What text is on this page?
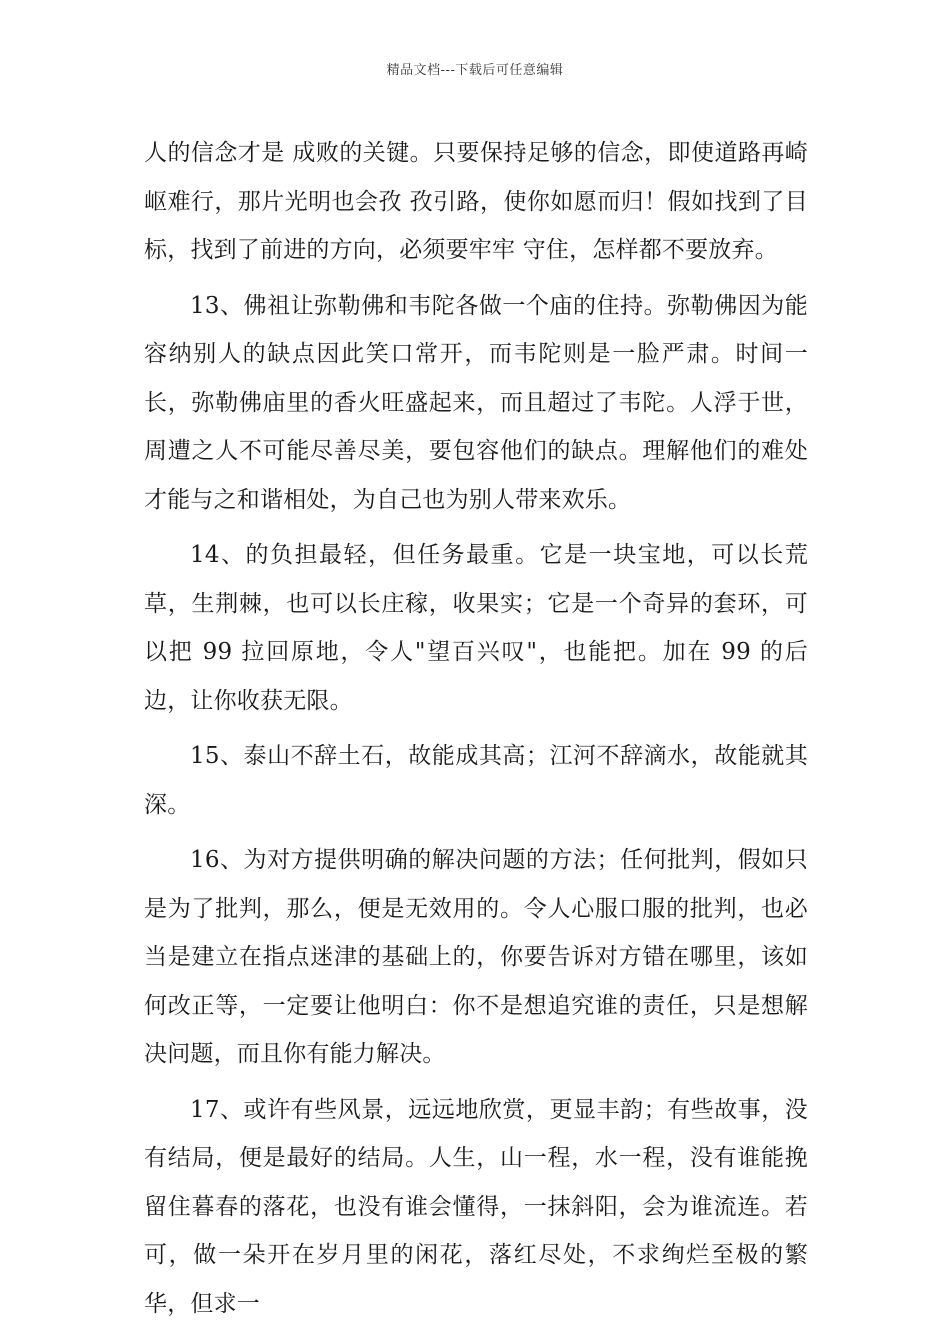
精品文档---下载后可任意编辑

人的信念才是 成败的关键。只要保持足够的信念，即使道路再崎岖难行，那片光明也会孜 孜引路，使你如愿而归！假如找到了目标，找到了前进的方向，必须要牢牢 守住，怎样都不要放弃。

13、佛祖让弥勒佛和韦陀各做一个庙的住持。弥勒佛因为能容纳别人的缺点因此笑口常开，而韦陀则是一脸严肃。时间一长，弥勒佛庙里的香火旺盛起来，而且超过了韦陀。人浮于世，周遭之人不可能尽善尽美，要包容他们的缺点。理解他们的难处才能与之和谐相处，为自己也为别人带来欢乐。

14、的负担最轻，但任务最重。它是一块宝地，可以长荒草，生荆棘，也可以长庄稼，收果实；它是一个奇异的套环，可以把 99 拉回原地，令人"望百兴叹"，也能把。加在 99 的后边，让你收获无限。

15、泰山不辞土石，故能成其高；江河不辞滴水，故能就其深。

16、为对方提供明确的解决问题的方法；任何批判，假如只是为了批判，那么，便是无效用的。令人心服口服的批判，也必当是建立在指点迷津的基础上的，你要告诉对方错在哪里，该如何改正等，一定要让他明白：你不是想追究谁的责任，只是想解决问题，而且你有能力解决。

17、或许有些风景，远远地欣赏，更显丰韵；有些故事，没有结局，便是最好的结局。人生，山一程，水一程，没有谁能挽留住暮春的落花，也没有谁会懂得，一抹斜阳，会为谁流连。若可，做一朵开在岁月里的闲花，落红尽处，不求绚烂至极的繁华，但求一
